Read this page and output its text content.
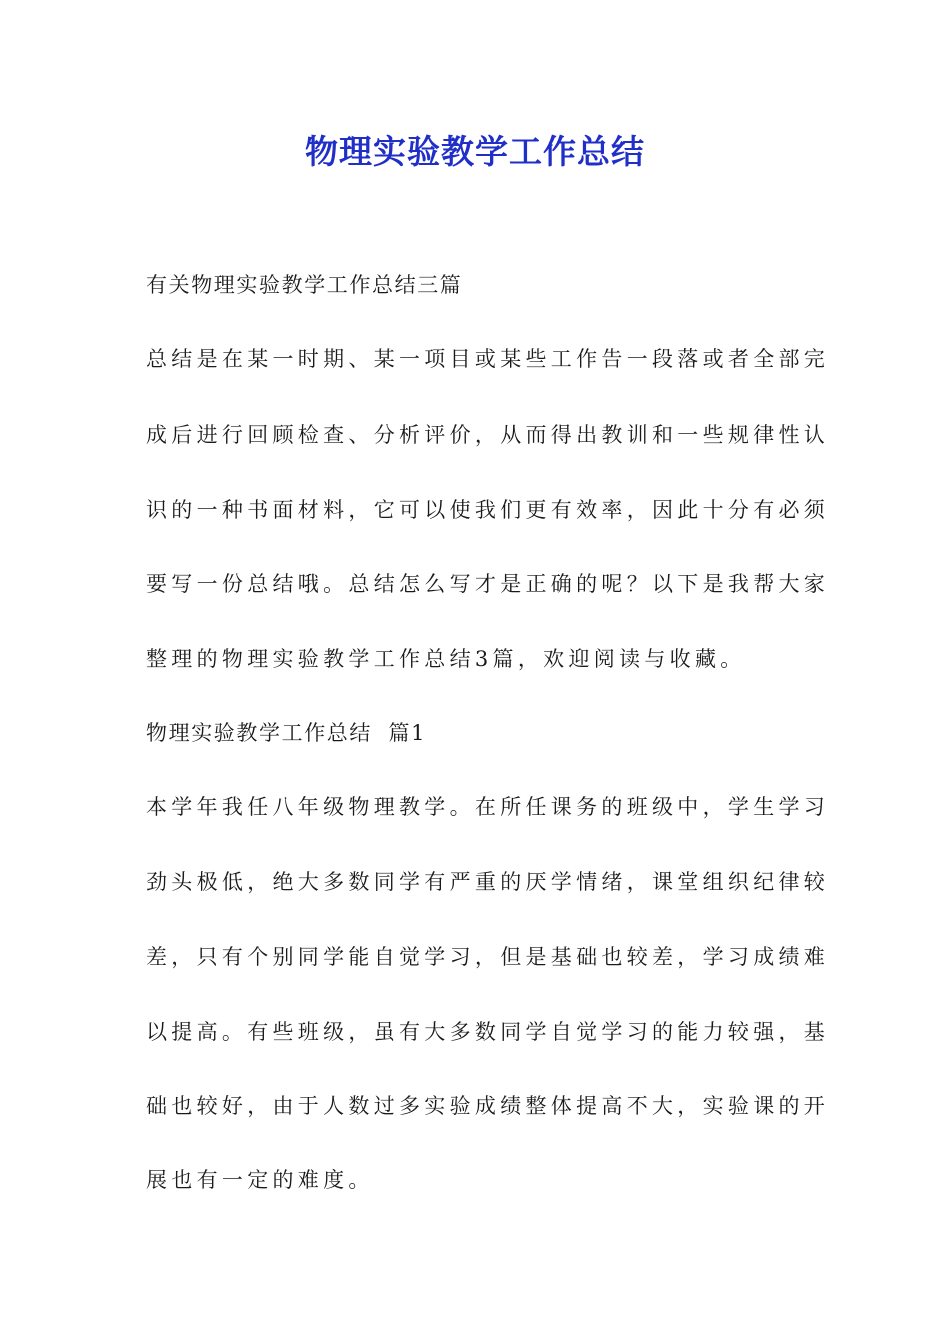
物理实验教学工作总结
有关物理实验教学工作总结三篇
总结是在某一时期、某一项目或某些工作告一段落或者全部完
成后进行回顾检查、分析评价，从而得出教训和一些规律性认
识的一种书面材料，它可以使我们更有效率，因此十分有必须
要写一份总结哦。总结怎么写才是正确的呢？以下是我帮大家
整理的物理实验教学工作总结3篇，欢迎阅读与收藏。
物理实验教学工作总结  篇1
本学年我任八年级物理教学。在所任课务的班级中，学生学习
劲头极低，绝大多数同学有严重的厌学情绪，课堂组织纪律较
差，只有个别同学能自觉学习，但是基础也较差，学习成绩难
以提高。有些班级，虽有大多数同学自觉学习的能力较强，基
础也较好，由于人数过多实验成绩整体提高不大，实验课的开
展也有一定的难度。
